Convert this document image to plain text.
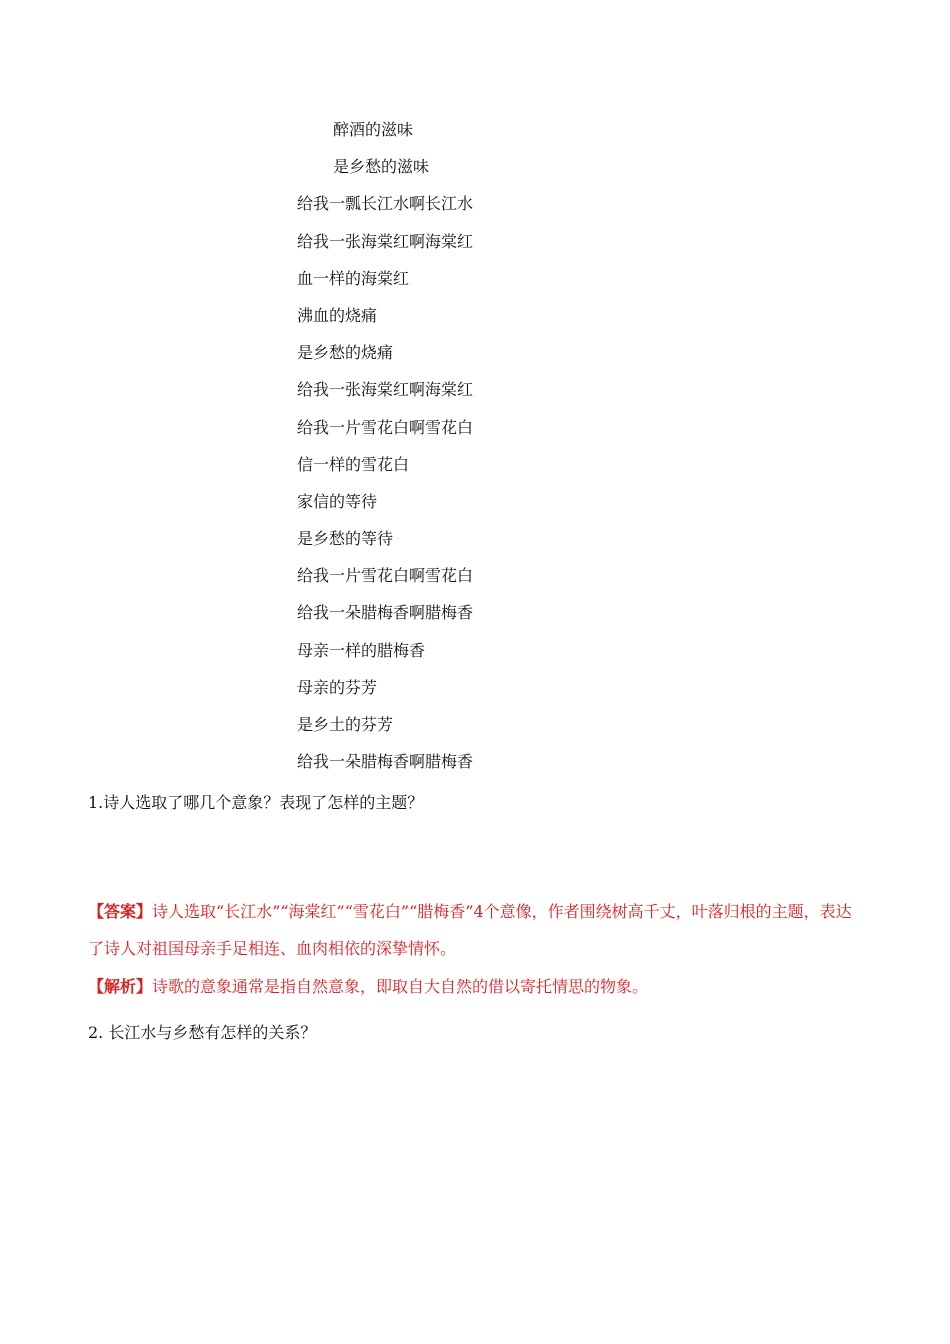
醉酒的滋味
是乡愁的滋味
给我一瓢长江水啊长江水
给我一张海棠红啊海棠红
血一样的海棠红
沸血的烧痛
是乡愁的烧痛
给我一张海棠红啊海棠红
给我一片雪花白啊雪花白
信一样的雪花白
家信的等待
是乡愁的等待
给我一片雪花白啊雪花白
给我一朵腊梅香啊腊梅香
母亲一样的腊梅香
母亲的芬芳
是乡土的芬芳
给我一朵腊梅香啊腊梅香
1.诗人选取了哪几个意象？表现了怎样的主题？
【答案】诗人选取“长江水”“海棠红”“雪花白”“腊梅香”4个意像，作者围绕树高千丈，叶落归根的主题，表达了诗人对祖国母亲手足相连、血肉相依的深挚情怀。
【解析】诗歌的意象通常是指自然意象，即取自大自然的借以寄托情思的物象。
2. 长江水与乡愁有怎样的关系？
